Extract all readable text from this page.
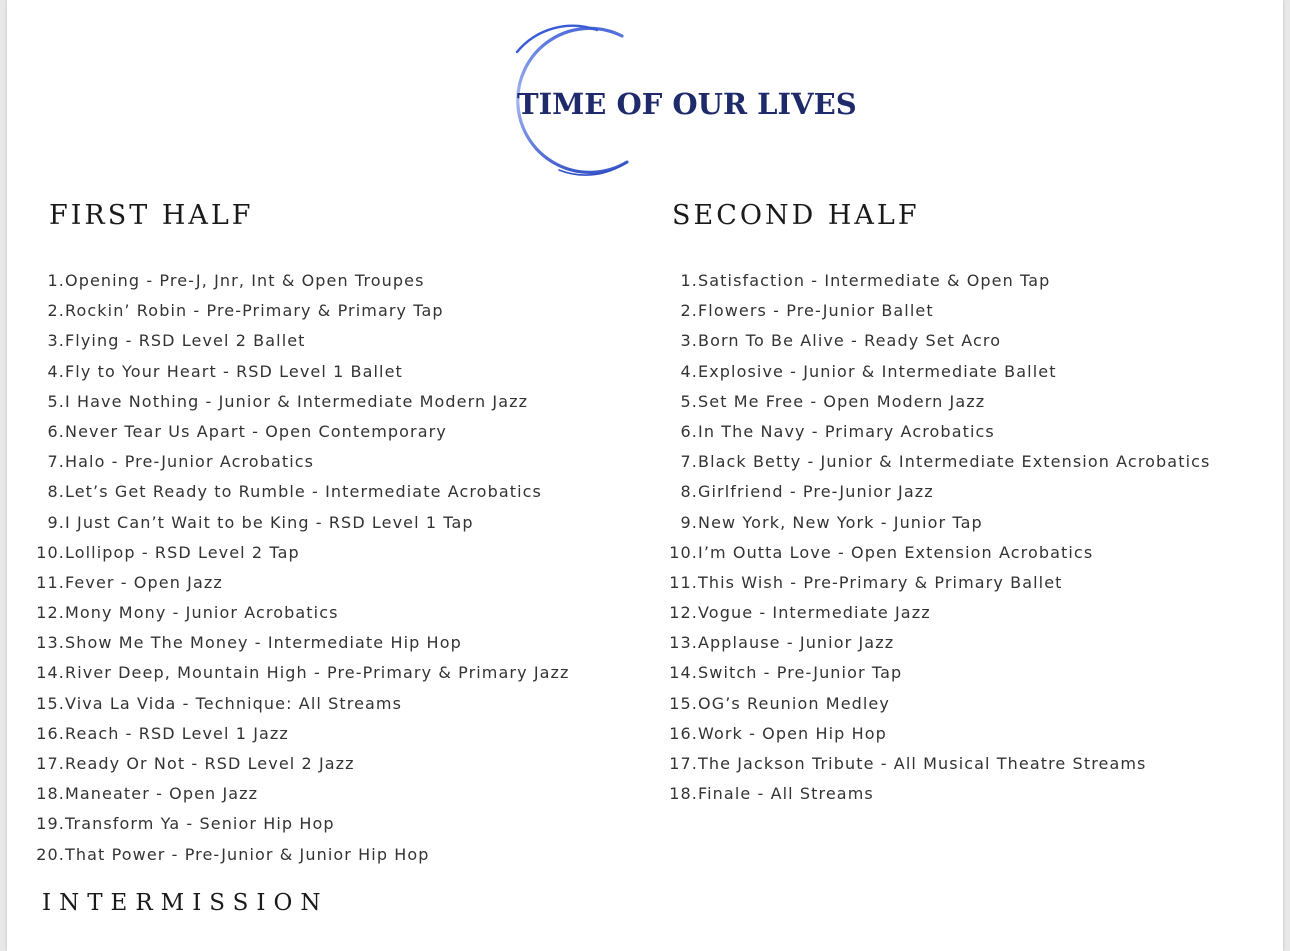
TIME OF OUR LIVES
FIRST HALF	SECOND HALF
1. Opening - Pre-J, Jnr, Int & Open Troupes
2. Rockin’ Robin - Pre-Primary & Primary Tap
3. Flying - RSD Level 2 Ballet
4. Fly to Your Heart - RSD Level 1 Ballet
5. I Have Nothing - Junior & Intermediate Modern Jazz
6. Never Tear Us Apart - Open Contemporary
7. Halo - Pre-Junior Acrobatics
8. Let’s Get Ready to Rumble - Intermediate Acrobatics
9. I Just Can’t Wait to be King - RSD Level 1 Tap
10. Lollipop - RSD Level 2 Tap
11. Fever - Open Jazz
12. Mony Mony - Junior Acrobatics
13. Show Me The Money - Intermediate Hip Hop
14. River Deep, Mountain High - Pre-Primary & Primary Jazz
15. Viva La Vida - Technique: All Streams
16. Reach - RSD Level 1 Jazz
17. Ready Or Not - RSD Level 2 Jazz
18. Maneater - Open Jazz
19. Transform Ya - Senior Hip Hop
20. That Power - Pre-Junior & Junior Hip Hop
1. Satisfaction - Intermediate & Open Tap
2. Flowers - Pre-Junior Ballet
3. Born To Be Alive - Ready Set Acro
4. Explosive - Junior & Intermediate Ballet
5. Set Me Free - Open Modern Jazz
6. In The Navy - Primary Acrobatics
7. Black Betty - Junior & Intermediate Extension Acrobatics
8. Girlfriend - Pre-Junior Jazz
9. New York, New York - Junior Tap
10. I’m Outta Love - Open Extension Acrobatics
11. This Wish - Pre-Primary & Primary Ballet
12. Vogue - Intermediate Jazz
13. Applause - Junior Jazz
14. Switch - Pre-Junior Tap
15. OG’s Reunion Medley
16. Work - Open Hip Hop
17. The Jackson Tribute - All Musical Theatre Streams
18. Finale - All Streams
INTERMISSION
